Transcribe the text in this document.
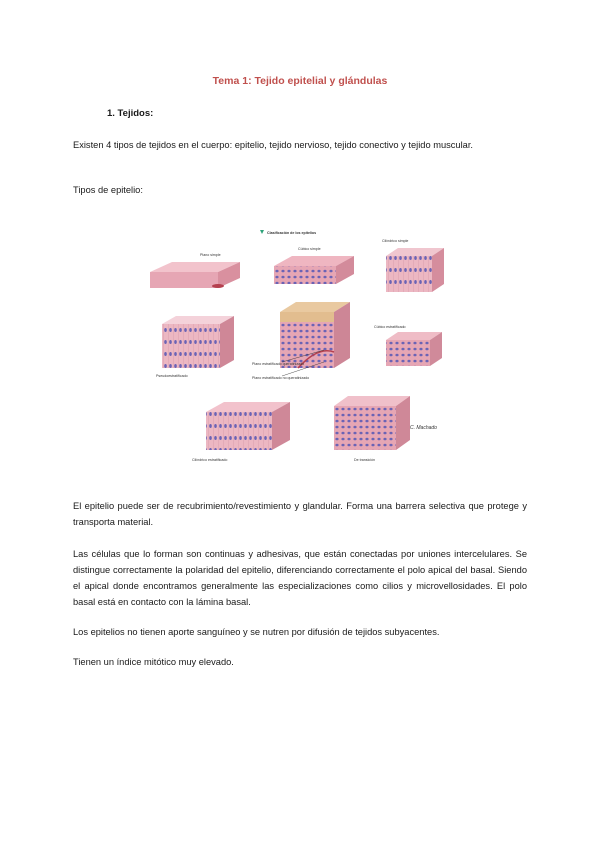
Tema 1: Tejido epitelial y glándulas
1. Tejidos:
Existen 4 tipos de tejidos en el cuerpo: epitelio, tejido nervioso, tejido conectivo y tejido muscular.
Tipos de epitelio:
Clasificación de los epitelios
Plano simple
Cúbico simple
Cilíndrico simple
Pseudoestratificado
Plano estratificado queratinizado
Plano estratificado no queratinizado
Cúbico estratificado
Cilíndrico estratificado	De transición
C. Machado
El epitelio puede ser de recubrimiento/revestimiento y glandular. Forma una barrera selectiva que protege y transporta material.
Las células que lo forman son continuas y adhesivas, que están conectadas por uniones intercelulares. Se distingue correctamente la polaridad del epitelio, diferenciando correctamente el polo apical del basal. Siendo el apical donde encontramos generalmente las especializaciones como cilios y microvellosidades. El polo basal está en contacto con la lámina basal.
Los epitelios no tienen aporte sanguíneo y se nutren por difusión de tejidos subyacentes.
Tienen un índice mitótico muy elevado.
